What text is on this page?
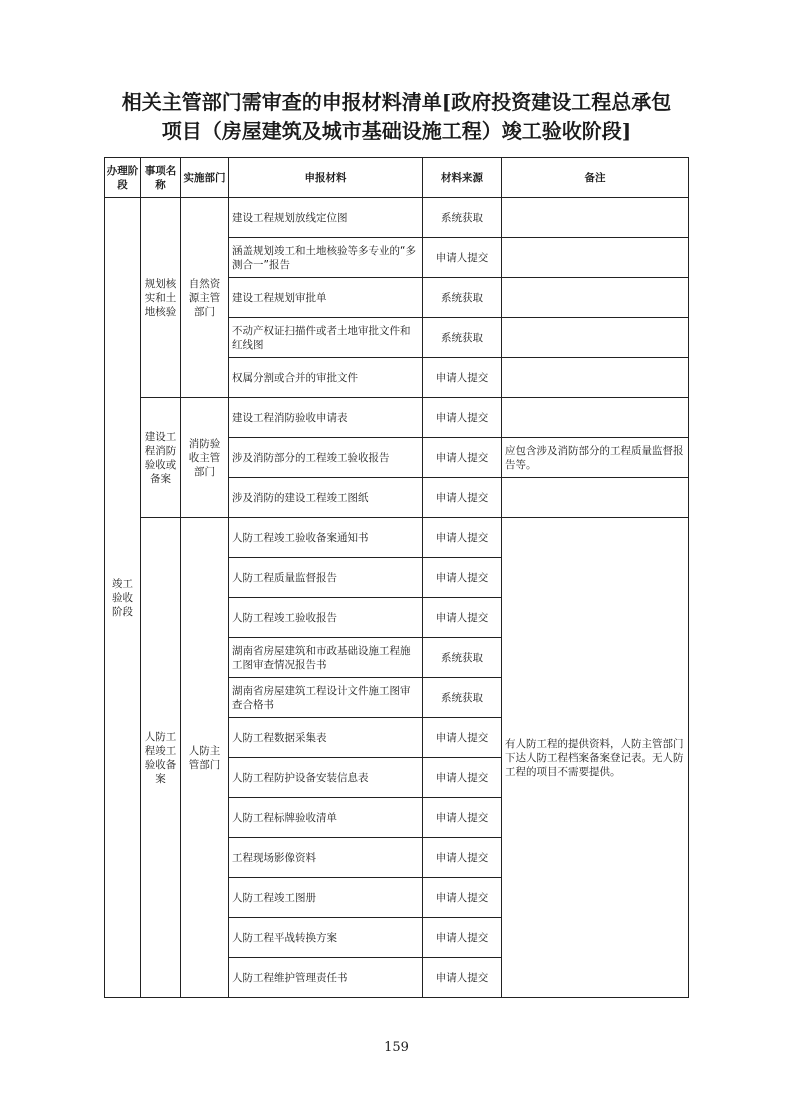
相关主管部门需审查的申报材料清单[政府投资建设工程总承包
项目（房屋建筑及城市基础设施工程）竣工验收阶段]
办理阶段	事项名称	实施部门	申报材料	材料来源	备注
竣工验收阶段	规划核实和土地核验	自然资源主管部门	建设工程规划放线定位图	系统获取	
			涵盖规划竣工和土地核验等多专业的“多测合一”报告	申请人提交	
			建设工程规划审批单	系统获取	
			不动产权证扫描件或者土地审批文件和红线图	系统获取	
			权属分割或合并的审批文件	申请人提交	
	建设工程消防验收或备案	消防验收主管部门	建设工程消防验收申请表	申请人提交	
			涉及消防部分的工程竣工验收报告	申请人提交	应包含涉及消防部分的工程质量监督报告等。
			涉及消防的建设工程竣工图纸	申请人提交	
	人防工程竣工验收备案	人防主管部门	人防工程竣工验收备案通知书	申请人提交	有人防工程的提供资料，人防主管部门下达人防工程档案备案登记表。无人防工程的项目不需要提供。
			人防工程质量监督报告	申请人提交	
			人防工程竣工验收报告	申请人提交	
			湖南省房屋建筑和市政基础设施工程施工图审查情况报告书	系统获取	
			湖南省房屋建筑工程设计文件施工图审查合格书	系统获取	
			人防工程数据采集表	申请人提交	
			人防工程防护设备安装信息表	申请人提交	
			人防工程标牌验收清单	申请人提交	
			工程现场影像资料	申请人提交	
			人防工程竣工图册	申请人提交	
			人防工程平战转换方案	申请人提交	
			人防工程维护管理责任书	申请人提交	
159
